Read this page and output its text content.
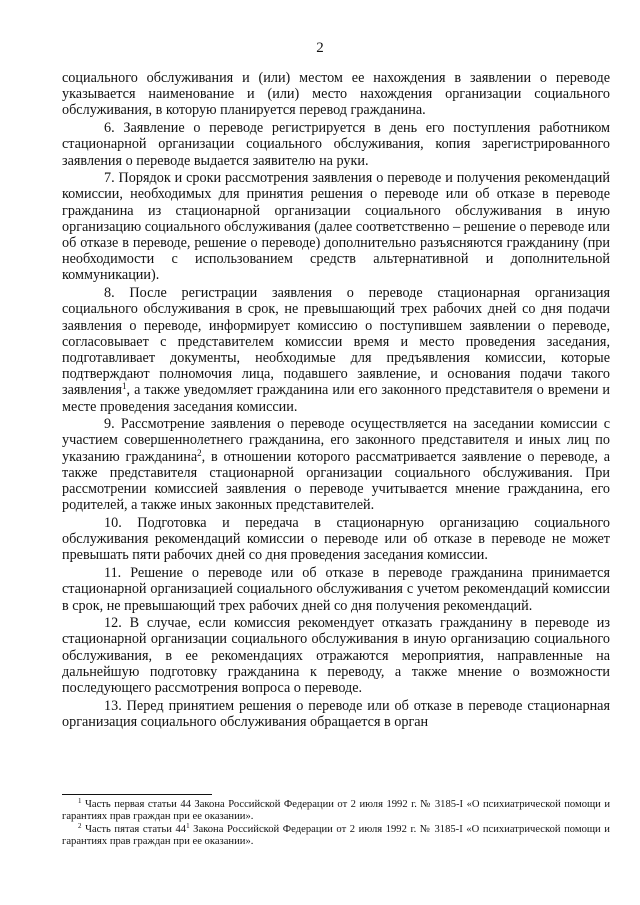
2

социального обслуживания и (или) местом ее нахождения в заявлении о переводе указывается наименование и (или) место нахождения организации социального обслуживания, в которую планируется перевод гражданина.

6. Заявление о переводе регистрируется в день его поступления работником стационарной организации социального обслуживания, копия зарегистрированного заявления о переводе выдается заявителю на руки.

7. Порядок и сроки рассмотрения заявления о переводе и получения рекомендаций комиссии, необходимых для принятия решения о переводе или об отказе в переводе гражданина из стационарной организации социального обслуживания в иную организацию социального обслуживания (далее соответственно – решение о переводе или об отказе в переводе, решение о переводе) дополнительно разъясняются гражданину (при необходимости с использованием средств альтернативной и дополнительной коммуникации).

8. После регистрации заявления о переводе стационарная организация социального обслуживания в срок, не превышающий трех рабочих дней со дня подачи заявления о переводе, информирует комиссию о поступившем заявлении о переводе, согласовывает с представителем комиссии время и место проведения заседания, подготавливает документы, необходимые для предъявления комиссии, которые подтверждают полномочия лица, подавшего заявление, и основания подачи такого заявления$^1$, а также уведомляет гражданина или его законного представителя о времени и месте проведения заседания комиссии.

9. Рассмотрение заявления о переводе осуществляется на заседании комиссии с участием совершеннолетнего гражданина, его законного представителя и иных лиц по указанию гражданина$^2$, в отношении которого рассматривается заявление о переводе, а также представителя стационарной организации социального обслуживания. При рассмотрении комиссией заявления о переводе учитывается мнение гражданина, его родителей, а также иных законных представителей.

10. Подготовка и передача в стационарную организацию социального обслуживания рекомендаций комиссии о переводе или об отказе в переводе не может превышать пяти рабочих дней со дня проведения заседания комиссии.

11. Решение о переводе или об отказе в переводе гражданина принимается стационарной организацией социального обслуживания с учетом рекомендаций комиссии в срок, не превышающий трех рабочих дней со дня получения рекомендаций.

12. В случае, если комиссия рекомендует отказать гражданину в переводе из стационарной организации социального обслуживания в иную организацию социального обслуживания, в ее рекомендациях отражаются мероприятия, направленные на дальнейшую подготовку гражданина к переводу, а также мнение о возможности последующего рассмотрения вопроса о переводе.

13. Перед принятием решения о переводе или об отказе в переводе стационарная организация социального обслуживания обращается в орган

$^1$ Часть первая статьи 44 Закона Российской Федерации от 2 июля 1992 г. № 3185-I «О психиатрической помощи и гарантиях прав граждан при ее оказании».

$^2$ Часть пятая статьи $44^1$ Закона Российской Федерации от 2 июля 1992 г. № 3185-I «О психиатрической помощи и гарантиях прав граждан при ее оказании».
